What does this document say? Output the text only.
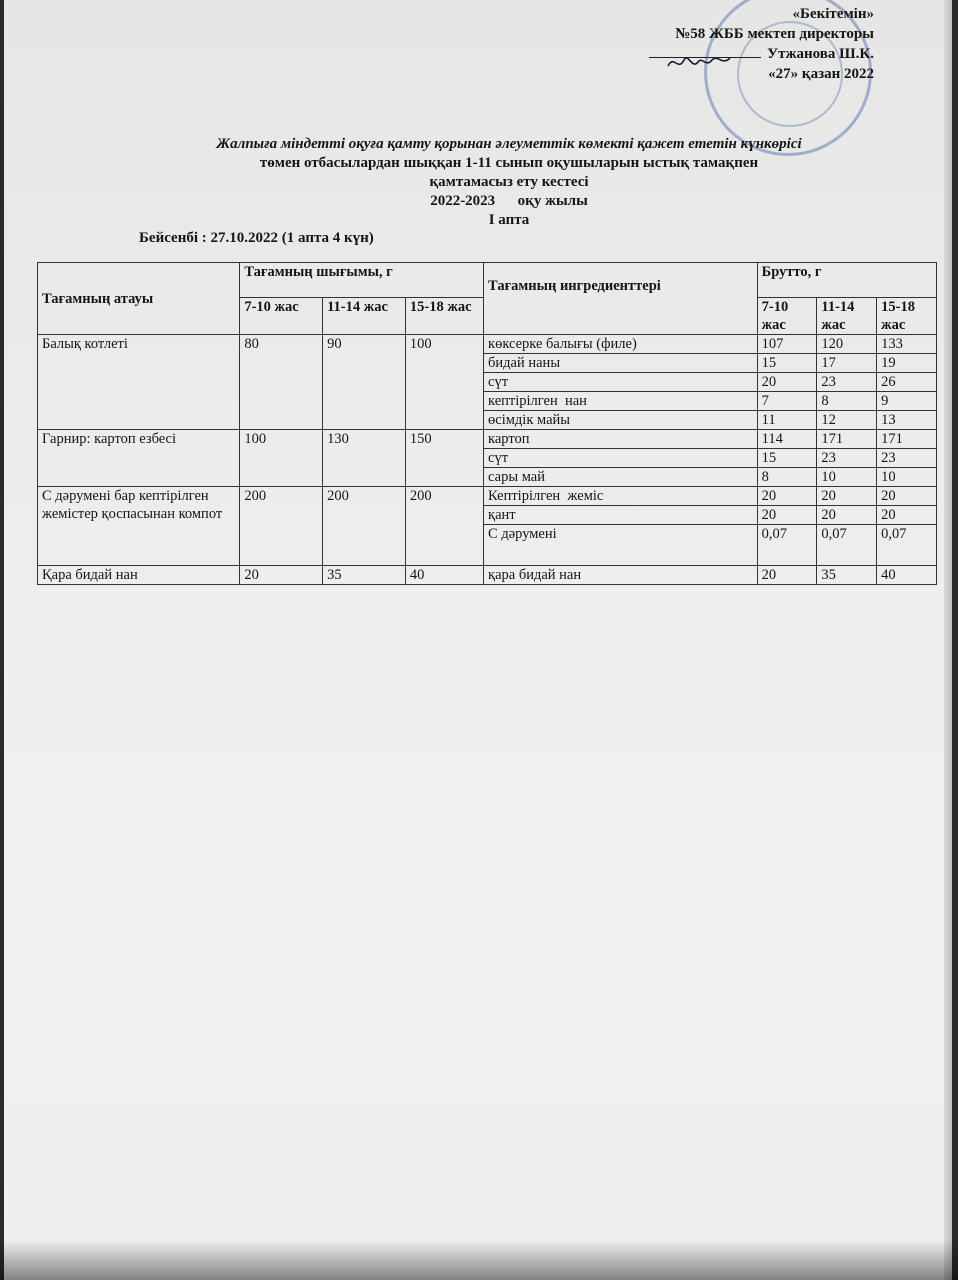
«Бекітемін»
№58 ЖББ мектеп директоры
Утжанова Ш.К.
«27» қазан 2022
Жалпыға міндетті оқуға қамту қорынан әлеуметтік көмекті қажет ететін күнкөрісі
төмен отбасылардан шыққан 1-11 сынып оқушыларын ыстық тамақпен
қамтамасыз ету кестесі
2022-2023      оқу жылы
І апта
Бейсенбі : 27.10.2022 (1 апта 4 күн)
Тағамның атауы	Тағамның шығымы, г			Тағамның ингредиенттері	Брутто, г		
	7-10 жас	11-14 жас	15-18 жас		7-10 жас	11-14 жас	15-18 жас
Балық котлеті	80	90	100	көксерке балығы (филе)	107	120	133
				бидай наны	15	17	19
				сүт	20	23	26
				кептірілген  нан	7	8	9
				өсімдік майы	11	12	13
Гарнир: картоп езбесі	100	130	150	картоп	114	171	171
				сүт	15	23	23
				сары май	8	10	10
С дәрумені бар кептірілген жемістер қоспасынан компот	200	200	200	Кептірілген  жеміс	20	20	20
				қант	20	20	20
				С дәрумені	0,07	0,07	0,07
Қара бидай нан	20	35	40	қара бидай нан	20	35	40
